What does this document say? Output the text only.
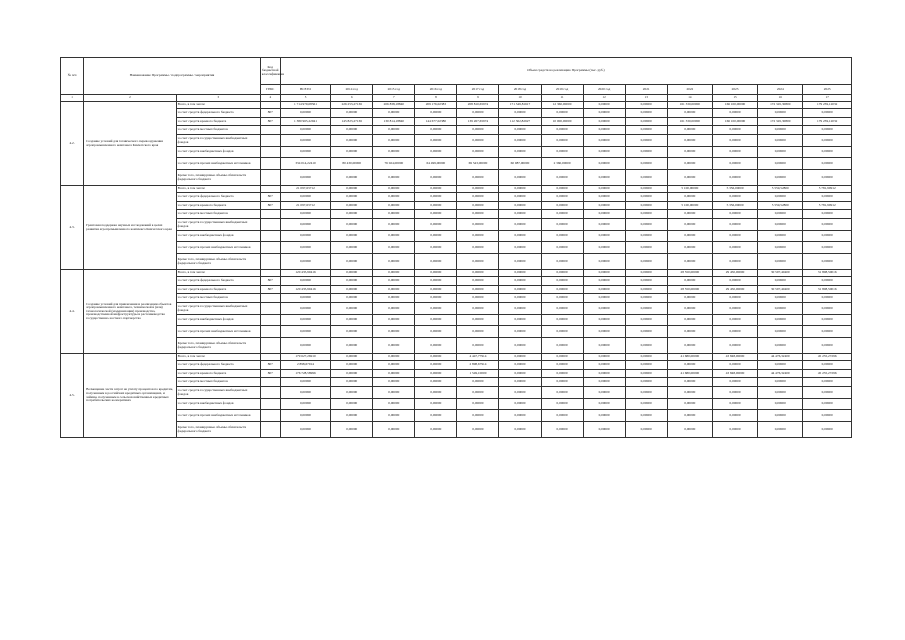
№ п/п	Наименование Программы / подпрограммы / мероприятия		Код бюджетной классификации	Объем средств на реализацию Программы (тыс. руб.)												
			ГРБС	ВСЕГО	2014 год	2015 год	2016 год	2017 год	2018 год	2019 год	2020 год	2021	2022	2023	2024	2025
1	2	3	4	5	6	7	8	9	10	11	12	13	14	15	16	17
4.2.	Создание условий для технического перевооружения агропромышленного комплекса Камчатского края	Всего, в том числе:		1 714 979,08561	226 253,27136	206 838,18840	209 176,02383	208 810,65974	171 349,81617	12 360,00000	0,00000	0,00000	161 330,00000	166 100,00000	172 345,30800	179 239,12032
		за счет средств федерального бюджета	807	0,00000	0,00000	0,00000	0,00000	0,00000	0,00000	0,00000	0,00000	0,00000	0,00000	0,00000	0,00000	0,00000
		за счет средств краевого бюджета	807	1 380 965,22941	145 823,27136	130 814,18840	144 677,02380	139 267,65974	112 362,82927	10 000,00000	0,00000	0,00000	161 330,00000	166 100,00000	172 345,30800	179 239,12032
		за счет средств местных бюджетов		0,00000	0,00000	0,00000	0,00000	0,00000	0,00000	0,00000	0,00000	0,00000	0,00000	0,00000	0,00000	0,00000
		за счет средств государственных внебюджетных фондов		0,00000	0,00000	0,00000	0,00000	0,00000	0,00000	0,00000	0,00000	0,00000	0,00000	0,00000	0,00000	0,00000
		за счет средств внебюджетных фондов		0,00000	0,00000	0,00000	0,00000	0,00000	0,00000	0,00000	0,00000	0,00000	0,00000	0,00000	0,00000	0,00000
		за счет средств прочих внебюджетных источников		334 014,22410	80 430,00000	76 024,00000	64 499,00000	69 543,00000	60 987,00000	2 360,00000	0,00000	0,00000	0,00000	0,00000	0,00000	0,00000
		Кроме того, планируемые объемы обязательств федерального бюджета		0,00000	0,00000	0,00000	0,00000	0,00000	0,00000	0,00000	0,00000	0,00000	0,00000	0,00000	0,00000	0,00000
4.3.	Грантовая поддержка научных исследований в целях развития агропромышленного комплекса Камчатского края	Всего, в том числе:		21 097,63712	0,00000	0,00000	0,00000	0,00000	0,00000	0,00000	0,00000	0,00000	5 100,00000	5 356,00000	5 559,52800	5 781,99912
		за счет средств федерального бюджета	807	0,00000	0,00000	0,00000	0,00000	0,00000	0,00000	0,00000	0,00000	0,00000	0,00000	0,00000	0,00000	0,00000
		за счет средств краевого бюджета	807	21 097,63712	0,00000	0,00000	0,00000	0,00000	0,00000	0,00000	0,00000	0,00000	5 100,00000	5 356,00000	5 559,52800	5 781,99912
		за счет средств местных бюджетов		0,00000	0,00000	0,00000	0,00000	0,00000	0,00000	0,00000	0,00000	0,00000	0,00000	0,00000	0,00000	0,00000
		за счет средств государственных внебюджетных фондов		0,00000	0,00000	0,00000	0,00000	0,00000	0,00000	0,00000	0,00000	0,00000	0,00000	0,00000	0,00000	0,00000
		за счет средств внебюджетных фондов		0,00000	0,00000	0,00000	0,00000	0,00000	0,00000	0,00000	0,00000	0,00000	0,00000	0,00000	0,00000	0,00000
		за счет средств прочих внебюджетных источников		0,00000	0,00000	0,00000	0,00000	0,00000	0,00000	0,00000	0,00000	0,00000	0,00000	0,00000	0,00000	0,00000
		Кроме того, планируемые объемы обязательств федерального бюджета		0,00000	0,00000	0,00000	0,00000	0,00000	0,00000	0,00000	0,00000	0,00000	0,00000	0,00000	0,00000	0,00000
4.4.	Создание условий для привлечения и реализации объектов агропромышленного комплекса, технической и (или) технологической (модернизации) производства, производственной инфраструктуры и растениеводства государственно-частного партнерства	Всего, в том числе:		120 435,90416	0,00000	0,00000	0,00000	0,00000	0,00000	0,00000	0,00000	0,00000	28 550,00000	29 450,00000	30 597,40400	31 808,50016
		за счет средств федерального бюджета	807	0,00000	0,00000	0,00000	0,00000	0,00000	0,00000	0,00000	0,00000	0,00000	0,00000	0,00000	0,00000	0,00000
		за счет средств краевого бюджета	807	120 435,90416	0,00000	0,00000	0,00000	0,00000	0,00000	0,00000	0,00000	0,00000	28 550,00000	29 450,00000	30 597,40400	31 808,50016
		за счет средств местных бюджетов		0,00000	0,00000	0,00000	0,00000	0,00000	0,00000	0,00000	0,00000	0,00000	0,00000	0,00000	0,00000	0,00000
		за счет средств государственных внебюджетных фондов		0,00000	0,00000	0,00000	0,00000	0,00000	0,00000	0,00000	0,00000	0,00000	0,00000	0,00000	0,00000	0,00000
		за счет средств внебюджетных фондов		0,00000	0,00000	0,00000	0,00000	0,00000	0,00000	0,00000	0,00000	0,00000	0,00000	0,00000	0,00000	0,00000
		за счет средств прочих внебюджетных источников		0,00000	0,00000	0,00000	0,00000	0,00000	0,00000	0,00000	0,00000	0,00000	0,00000	0,00000	0,00000	0,00000
		Кроме того, планируемые объемы обязательств федерального бюджета		0,00000	0,00000	0,00000	0,00000	0,00000	0,00000	0,00000	0,00000	0,00000	0,00000	0,00000	0,00000	0,00000
4.5.	Возмещение части затрат на уплату процентов по кредитам, полученным в российских кредитных организациях, и займам, полученным в сельскохозяйственных кредитных потребительских кооперативах	Всего, в том числе:		179 627,26910	0,00000	0,00000	0,00000	4 447,77914	0,00000	0,00000	0,00000	0,00000	41 680,00000	43 848,00000	44 476,32400	45 235,27296
		за счет средств федерального бюджета	807	2 898,67914	0,00000	0,00000	0,00000	2 898,67914	0,00000	0,00000	0,00000	0,00000	0,00000	0,00000	0,00000	0,00000
		за счет средств краевого бюджета	807	176 728,58996	0,00000	0,00000	0,00000	1 549,10000	0,00000	0,00000	0,00000	0,00000	41 680,00000	43 848,00000	44 476,32400	45 235,27296
		за счет средств местных бюджетов		0,00000	0,00000	0,00000	0,00000	0,00000	0,00000	0,00000	0,00000	0,00000	0,00000	0,00000	0,00000	0,00000
		за счет средств государственных внебюджетных фондов		0,00000	0,00000	0,00000	0,00000	0,00000	0,00000	0,00000	0,00000	0,00000	0,00000	0,00000	0,00000	0,00000
		за счет средств внебюджетных фондов		0,00000	0,00000	0,00000	0,00000	0,00000	0,00000	0,00000	0,00000	0,00000	0,00000	0,00000	0,00000	0,00000
		за счет средств прочих внебюджетных источников		0,00000	0,00000	0,00000	0,00000	0,00000	0,00000	0,00000	0,00000	0,00000	0,00000	0,00000	0,00000	0,00000
		Кроме того, планируемые объемы обязательств федерального бюджета		0,00000	0,00000	0,00000	0,00000	0,00000	0,00000	0,00000	0,00000	0,00000	0,00000	0,00000	0,00000	0,00000
